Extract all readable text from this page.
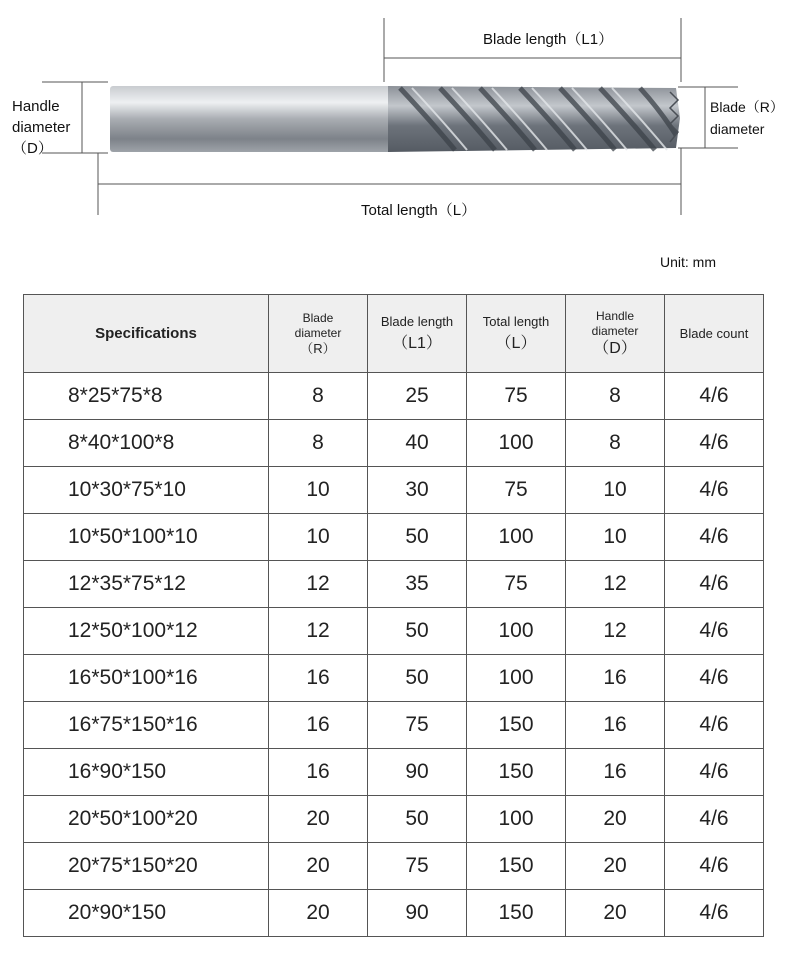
Blade length（L1）
Handle
diameter
（D）
Blade（R）
diameter
Total length（L）
Unit: mm
Specifications	Blade
diameter
（R）	Blade length
（L1）	Total length
（L）	Handle
diameter
（D）	Blade count

8*25*75*8	8	25	75	8	4/6
8*40*100*8	8	40	100	8	4/6
10*30*75*10	10	30	75	10	4/6
10*50*100*10	10	50	100	10	4/6
12*35*75*12	12	35	75	12	4/6
12*50*100*12	12	50	100	12	4/6
16*50*100*16	16	50	100	16	4/6
16*75*150*16	16	75	150	16	4/6
16*90*150	16	90	150	16	4/6
20*50*100*20	20	50	100	20	4/6
20*75*150*20	20	75	150	20	4/6
20*90*150	20	90	150	20	4/6
